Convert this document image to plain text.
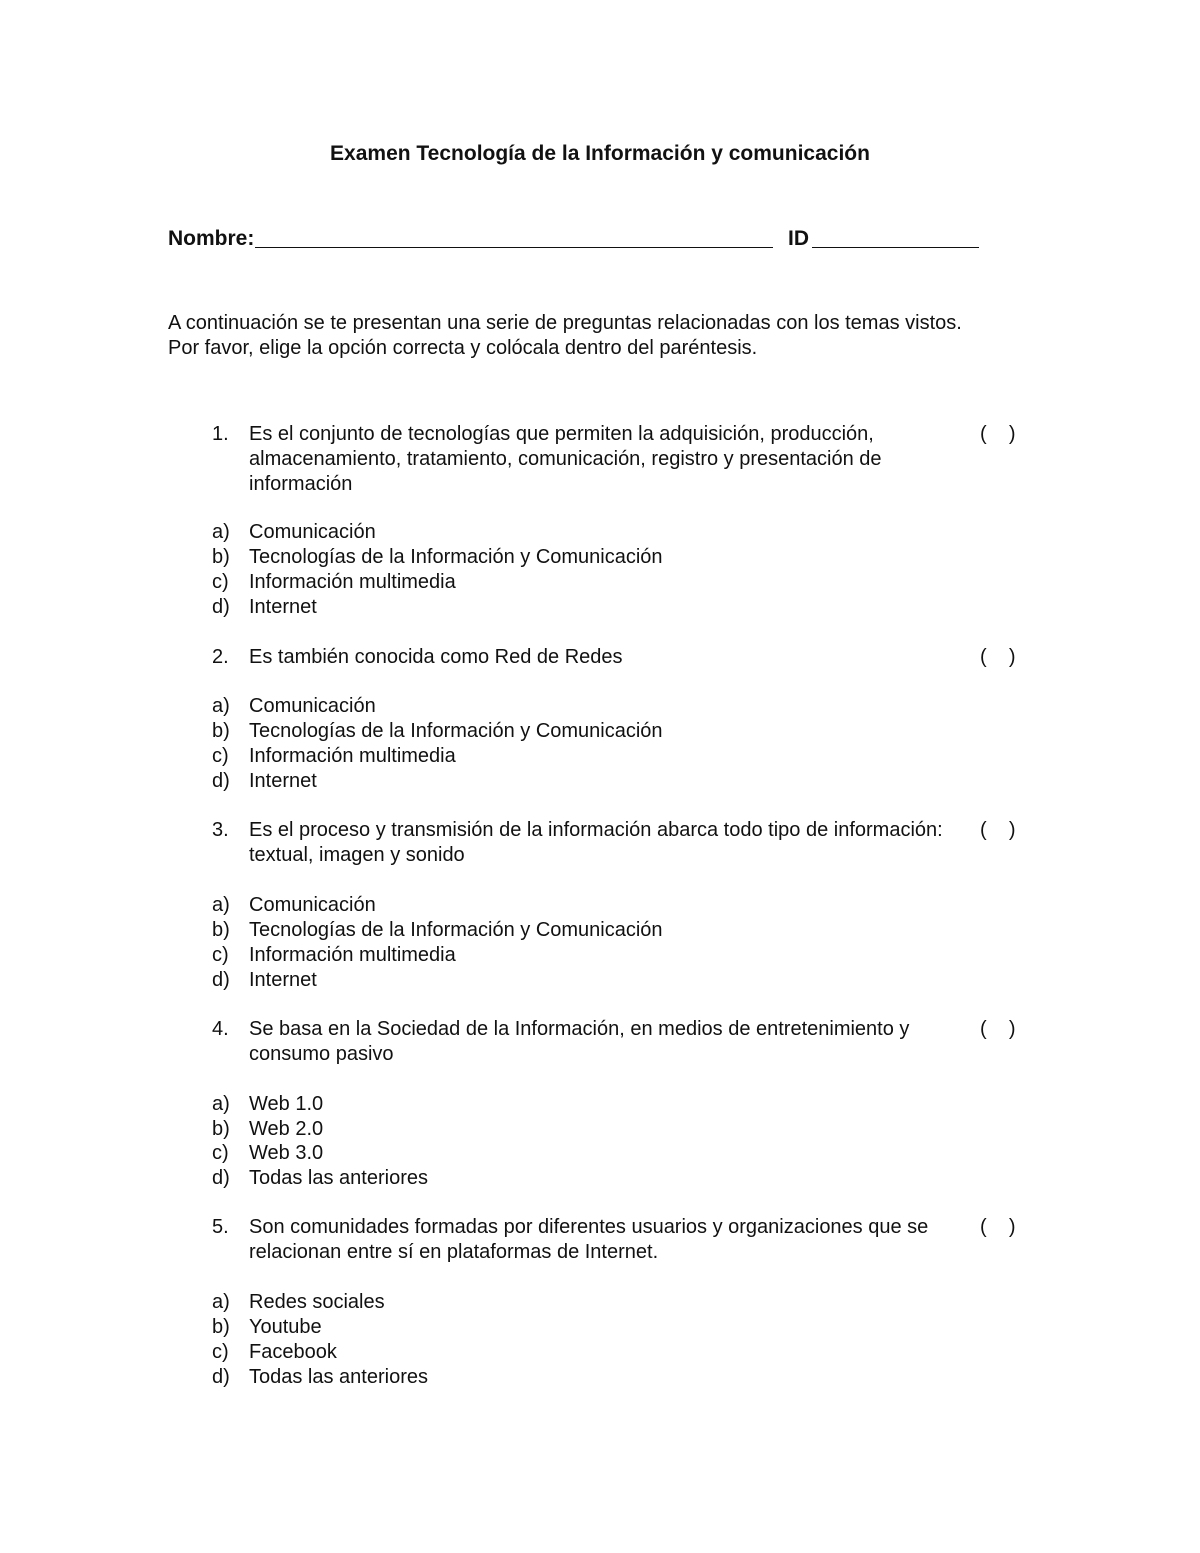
Examen Tecnología de la Información y comunicación
Nombre:	ID
A continuación se te presentan una serie de preguntas relacionadas con los temas vistos.
Por favor, elige la opción correcta y colócala dentro del paréntesis.
1.	Es el conjunto de tecnologías que permiten la adquisición, producción, almacenamiento, tratamiento, comunicación, registro y presentación de información
(    )
a) Comunicación
b) Tecnologías de la Información y Comunicación
c)	Información multimedia
d) Internet
2.	Es también conocida como Red de Redes	(    )
a) Comunicación
b) Tecnologías de la Información y Comunicación
c)	Información multimedia
d) Internet
3.	Es el proceso y transmisión de la información abarca todo tipo de información: textual, imagen y sonido
(    )
a) Comunicación
b) Tecnologías de la Información y Comunicación
c)	Información multimedia
d) Internet
4.	Se basa en la Sociedad de la Información, en medios de entretenimiento y consumo pasivo
(    )
a) Web 1.0
b) Web 2.0
c)	Web 3.0
d) Todas las anteriores
5.	Son comunidades formadas por diferentes usuarios y organizaciones que se relacionan entre sí en plataformas de Internet.
(    )
a) Redes sociales
b) Youtube
c)	Facebook
d) Todas las anteriores
